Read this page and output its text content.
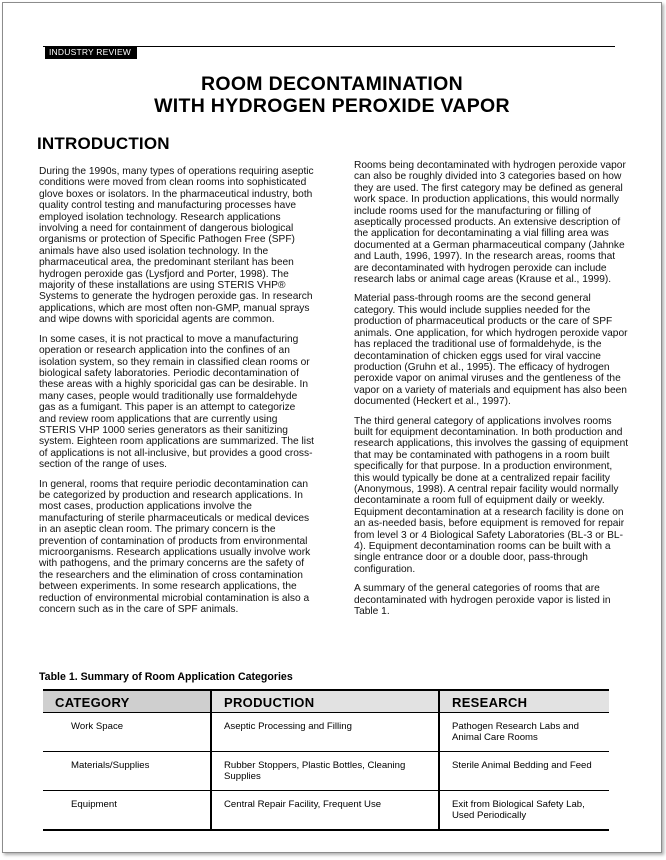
INDUSTRY REVIEW
ROOM DECONTAMINATION
WITH HYDROGEN PEROXIDE VAPOR
INTRODUCTION

During the 1990s, many types of operations requiring aseptic conditions were moved from clean rooms into sophisticated glove boxes or isolators. In the pharmaceutical industry, both quality control testing and manufacturing processes have employed isolation technology. Research applications involving a need for containment of dangerous biological organisms or protection of Specific Pathogen Free (SPF) animals have also used isolation technology. In the pharmaceutical area, the predominant sterilant has been hydrogen peroxide gas (Lysfjord and Porter, 1998). The majority of these installations are using STERIS VHP® Systems to generate the hydrogen peroxide gas. In research applications, which are most often non-GMP, manual sprays and wipe downs with sporicidal agents are common.

In some cases, it is not practical to move a manufacturing operation or research application into the confines of an isolation system, so they remain in classified clean rooms or biological safety laboratories. Periodic decontamination of these areas with a highly sporicidal gas can be desirable. In many cases, people would traditionally use formaldehyde gas as a fumigant. This paper is an attempt to categorize and review room applications that are currently using STERIS VHP 1000 series generators as their sanitizing system. Eighteen room applications are summarized. The list of applications is not all-inclusive, but provides a good cross-section of the range of uses.

In general, rooms that require periodic decontamination can be categorized by production and research applications. In most cases, production applications involve the manufacturing of sterile pharmaceuticals or medical devices in an aseptic clean room. The primary concern is the prevention of contamination of products from environmental microorganisms. Research applications usually involve work with pathogens, and the primary concerns are the safety of the researchers and the elimination of cross contamination between experiments. In some research applications, the reduction of environmental microbial contamination is also a concern such as in the care of SPF animals.

Rooms being decontaminated with hydrogen peroxide vapor can also be roughly divided into 3 categories based on how they are used. The first category may be defined as general work space. In production applications, this would normally include rooms used for the manufacturing or filling of aseptically processed products. An extensive description of the application for decontaminating a vial filling area was documented at a German pharmaceutical company (Jahnke and Lauth, 1996, 1997). In the research areas, rooms that are decontaminated with hydrogen peroxide can include research labs or animal cage areas (Krause et al., 1999).

Material pass-through rooms are the second general category. This would include supplies needed for the production of pharmaceutical products or the care of SPF animals. One application, for which hydrogen peroxide vapor has replaced the traditional use of formaldehyde, is the decontamination of chicken eggs used for viral vaccine production (Gruhn et al., 1995). The efficacy of hydrogen peroxide vapor on animal viruses and the gentleness of the vapor on a variety of materials and equipment has also been documented (Heckert et al., 1997).

The third general category of applications involves rooms built for equipment decontamination. In both production and research applications, this involves the gassing of equipment that may be contaminated with pathogens in a room built specifically for that purpose. In a production environment, this would typically be done at a centralized repair facility (Anonymous, 1998). A central repair facility would normally decontaminate a room full of equipment daily or weekly. Equipment decontamination at a research facility is done on an as-needed basis, before equipment is removed for repair from level 3 or 4 Biological Safety Laboratories (BL-3 or BL-4). Equipment decontamination rooms can be built with a single entrance door or a double door, pass-through configuration.

A summary of the general categories of rooms that are decontaminated with hydrogen peroxide vapor is listed in Table 1.

Table 1. Summary of Room Application Categories
CATEGORY	PRODUCTION	RESEARCH
Work Space	Aseptic Processing and Filling	Pathogen Research Labs and Animal Care Rooms
Materials/Supplies	Rubber Stoppers, Plastic Bottles, Cleaning Supplies	Sterile Animal Bedding and Feed
Equipment	Central Repair Facility, Frequent Use	Exit from Biological Safety Lab, Used Periodically
